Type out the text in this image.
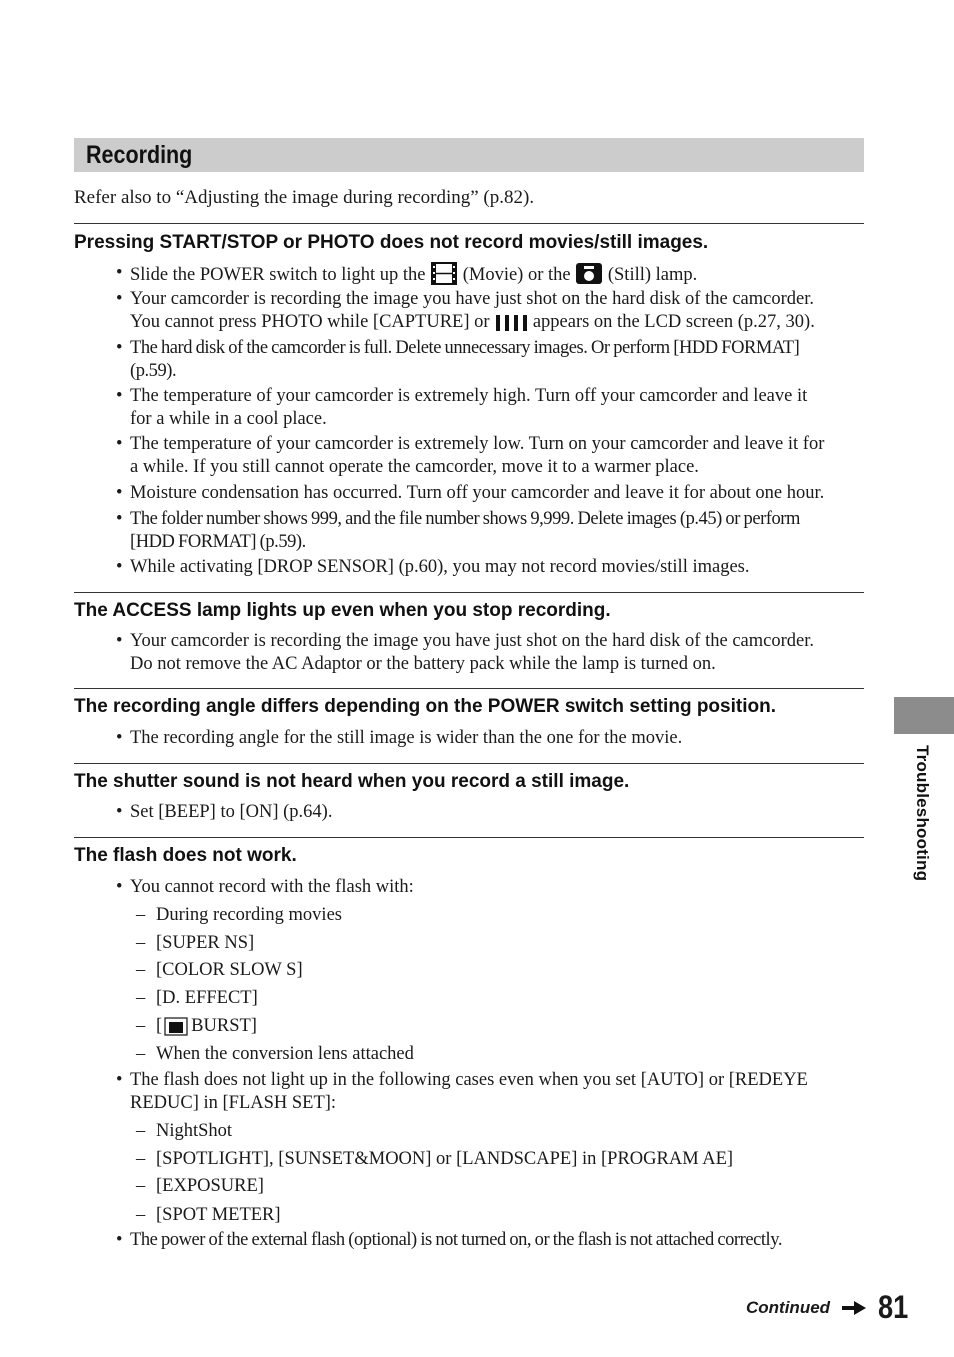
Recording
Refer also to “Adjusting the image during recording” (p.82).
Pressing START/STOP or PHOTO does not record movies/still images.
• Slide the POWER switch to light up the (Movie) or the (Still) lamp.
• Your camcorder is recording the image you have just shot on the hard disk of the camcorder.
You cannot press PHOTO while [CAPTURE] or appears on the LCD screen (p.27, 30).
• The hard disk of the camcorder is full. Delete unnecessary images. Or perform [HDD FORMAT]
(p.59).
• The temperature of your camcorder is extremely high. Turn off your camcorder and leave it
for a while in a cool place.
• The temperature of your camcorder is extremely low. Turn on your camcorder and leave it for
a while. If you still cannot operate the camcorder, move it to a warmer place.
• Moisture condensation has occurred. Turn off your camcorder and leave it for about one hour.
• The folder number shows 999, and the file number shows 9,999. Delete images (p.45) or perform
[HDD FORMAT] (p.59).
• While activating [DROP SENSOR] (p.60), you may not record movies/still images.
The ACCESS lamp lights up even when you stop recording.
• Your camcorder is recording the image you have just shot on the hard disk of the camcorder.
Do not remove the AC Adaptor or the battery pack while the lamp is turned on.
The recording angle differs depending on the POWER switch setting position.
• The recording angle for the still image is wider than the one for the movie.
The shutter sound is not heard when you record a still image.
• Set [BEEP] to [ON] (p.64).
The flash does not work.
• You cannot record with the flash with:
– During recording movies
– [SUPER NS]
– [COLOR SLOW S]
– [D. EFFECT]
– [ BURST]
– When the conversion lens attached
• The flash does not light up in the following cases even when you set [AUTO] or [REDEYE
REDUC] in [FLASH SET]:
– NightShot
– [SPOTLIGHT], [SUNSET&MOON] or [LANDSCAPE] in [PROGRAM AE]
– [EXPOSURE]
– [SPOT METER]
• The power of the external flash (optional) is not turned on, or the flash is not attached correctly.
Troubleshooting
Continued 81
